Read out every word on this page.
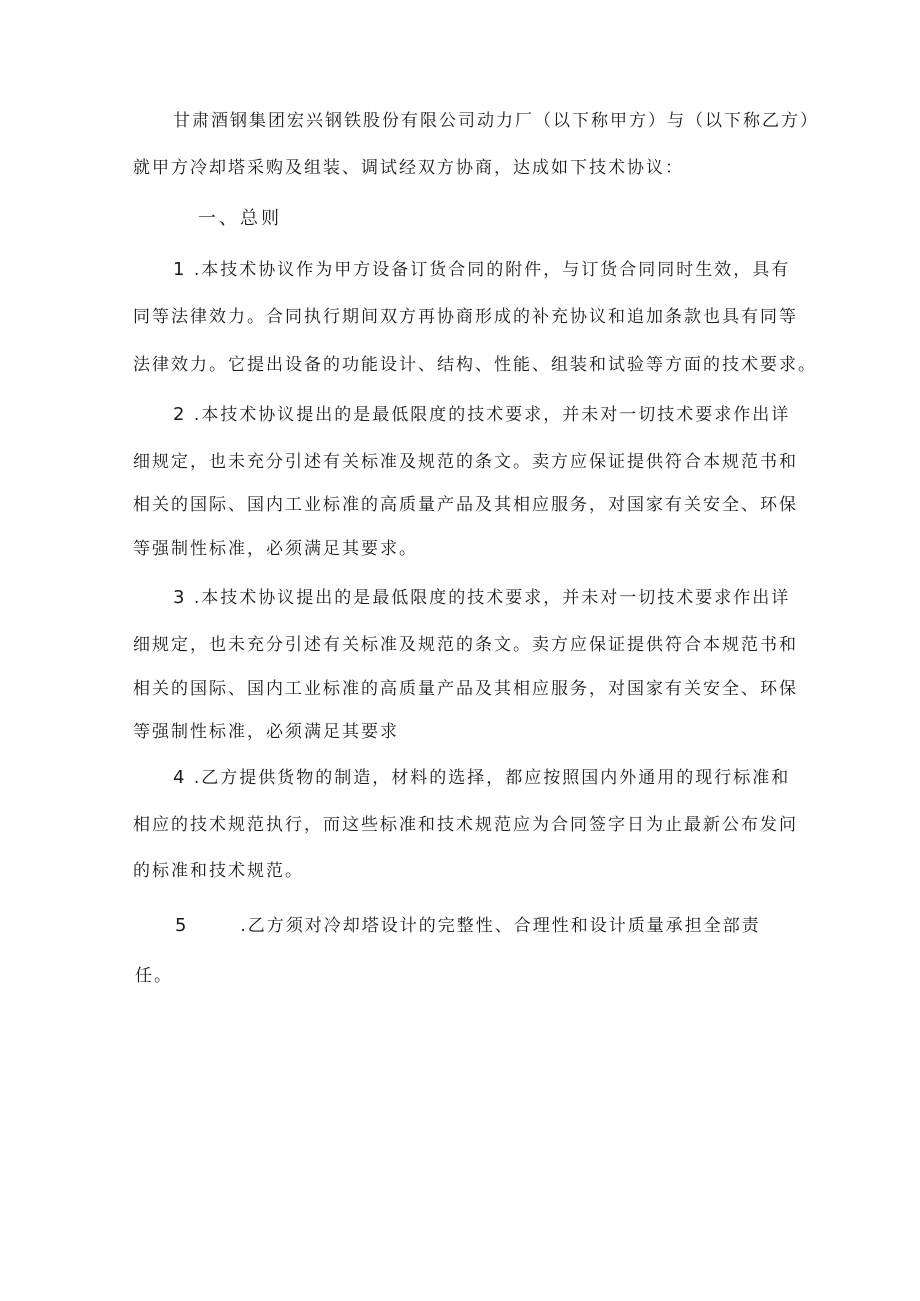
甘肃酒钢集团宏兴钢铁股份有限公司动力厂（以下称甲方）与（以下称乙方）
就甲方冷却塔采购及组装、调试经双方协商，达成如下技术协议：
一、总则
1 .本技术协议作为甲方设备订货合同的附件，与订货合同同时生效，具有
同等法律效力。合同执行期间双方再协商形成的补充协议和追加条款也具有同等
法律效力。它提出设备的功能设计、结构、性能、组装和试验等方面的技术要求。
2 .本技术协议提出的是最低限度的技术要求，并未对一切技术要求作出详
细规定，也未充分引述有关标准及规范的条文。卖方应保证提供符合本规范书和
相关的国际、国内工业标准的高质量产品及其相应服务，对国家有关安全、环保
等强制性标准，必须满足其要求。
3 .本技术协议提出的是最低限度的技术要求，并未对一切技术要求作出详
细规定，也未充分引述有关标准及规范的条文。卖方应保证提供符合本规范书和
相关的国际、国内工业标准的高质量产品及其相应服务，对国家有关安全、环保
等强制性标准，必须满足其要求
4 .乙方提供货物的制造，材料的选择，都应按照国内外通用的现行标准和
相应的技术规范执行，而这些标准和技术规范应为合同签字日为止最新公布发问
的标准和技术规范。
5	.乙方须对冷却塔设计的完整性、合理性和设计质量承担全部责
任。
